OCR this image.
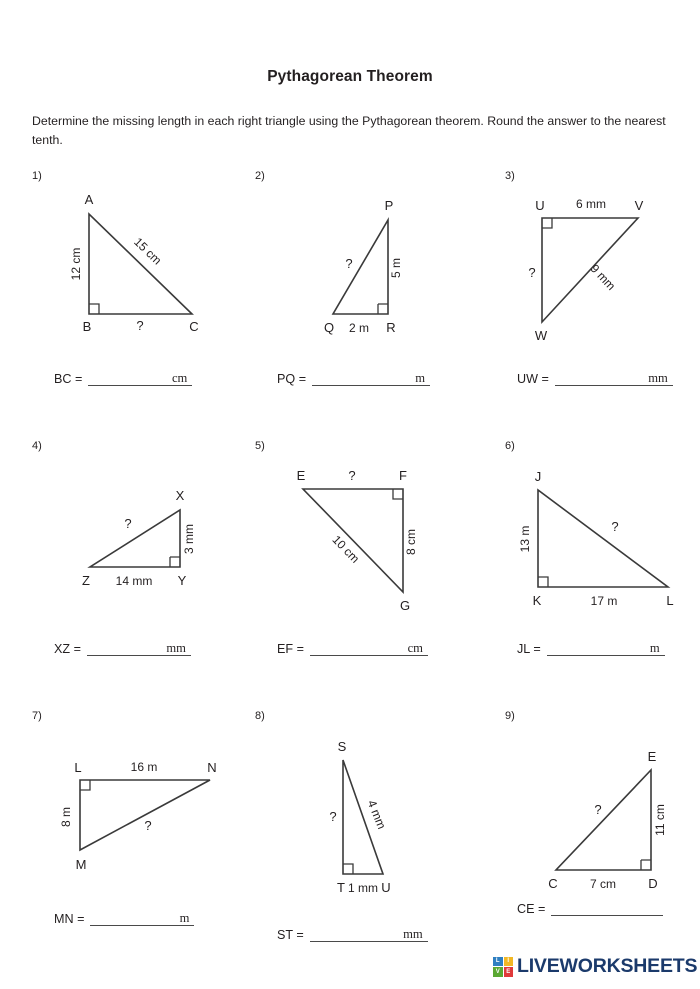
Pythagorean Theorem
Determine the missing length in each right triangle using the Pythagorean theorem. Round the answer to the nearest tenth.
1)
A
B	C
12 cm	15 cm
?
BC =	cm
2)
P
Q	R
2 m
5 m
?
PQ =	m
3)
U	V
W
6 mm
9 mm
?
UW =	mm
4)
X
Y
Z
3 mm
14 mm
?
XZ =	mm
5)
E	F
G
8 cm
10 cm
?
EF =	cm
6)
J
K	L
13 m
17 m
?
JL =	m
7)
L	N
M
16 m
8 m	?
MN =	m
8)
S
T	U
1 mm
4 mm
?
ST =	mm
9)
E
C	D
7 cm
11 cm
?
CE =
L	I
V	E LIVEWORKSHEETS
